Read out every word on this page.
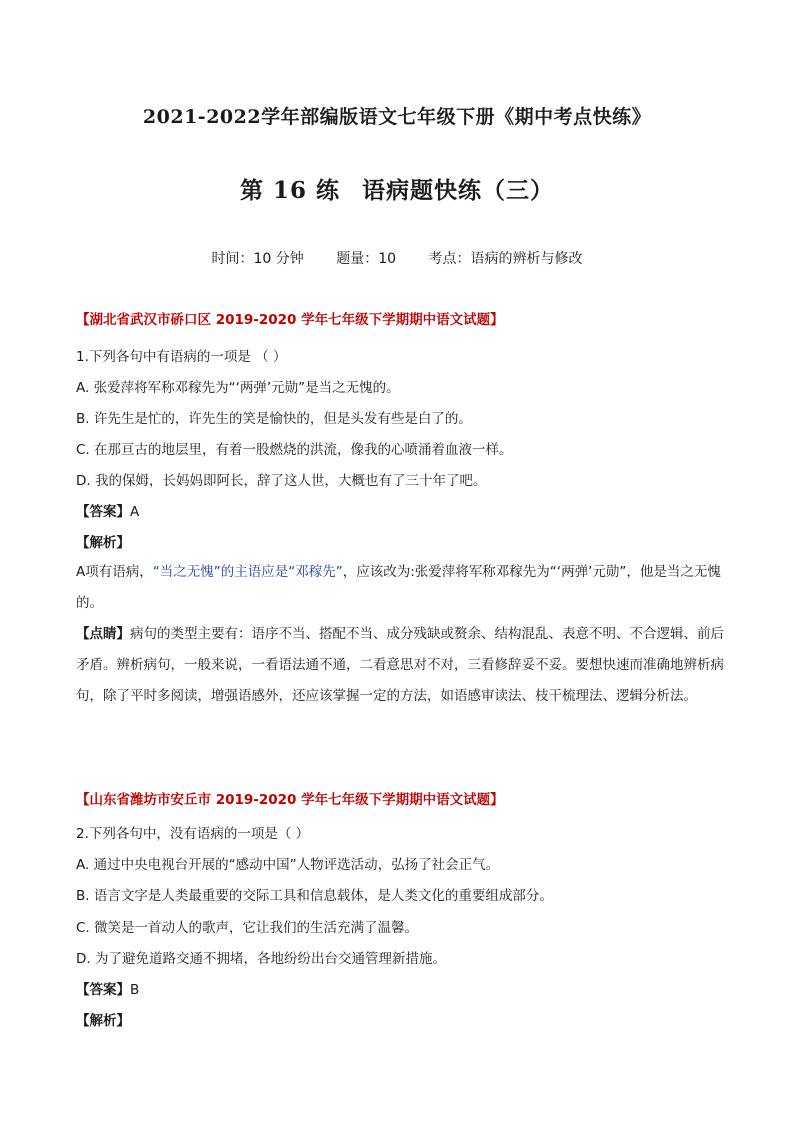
2021-2022学年部编版语文七年级下册《期中考点快练》
第 16 练 语病题快练（三）
时间：10 分钟 题量：10 考点：语病的辨析与修改
【湖北省武汉市硚口区 2019-2020 学年七年级下学期期中语文试题】
1.下列各句中有语病的一项是 （ ）
A. 张爱萍将军称邓稼先为“‘两弹’元勋”是当之无愧的。
B. 许先生是忙的，许先生的笑是愉快的，但是头发有些是白了的。
C. 在那亘古的地层里，有着一股燃烧的洪流，像我的心喷涌着血液一样。
D. 我的保姆，长妈妈即阿长，辞了这人世，大概也有了三十年了吧。
【答案】A
【解析】
A项有语病，“当之无愧”的主语应是“邓稼先”，应该改为:张爱萍将军称邓稼先为“‘两弹’元勋”，他是当之无愧的。
【点睛】病句的类型主要有：语序不当、搭配不当、成分残缺或赘余、结构混乱、表意不明、不合逻辑、前后矛盾。辨析病句，一般来说，一看语法通不通，二看意思对不对，三看修辞妥不妥。要想快速而准确地辨析病句，除了平时多阅读，增强语感外，还应该掌握一定的方法，如语感审读法、枝干梳理法、逻辑分析法。
【山东省潍坊市安丘市 2019-2020 学年七年级下学期期中语文试题】
2.下列各句中，没有语病的一项是（ ）
A. 通过中央电视台开展的“感动中国”人物评选活动，弘扬了社会正气。
B. 语言文字是人类最重要的交际工具和信息载体，是人类文化的重要组成部分。
C. 微笑是一首动人的歌声，它让我们的生活充满了温馨。
D. 为了避免道路交通不拥堵，各地纷纷出台交通管理新措施。
【答案】B
【解析】
